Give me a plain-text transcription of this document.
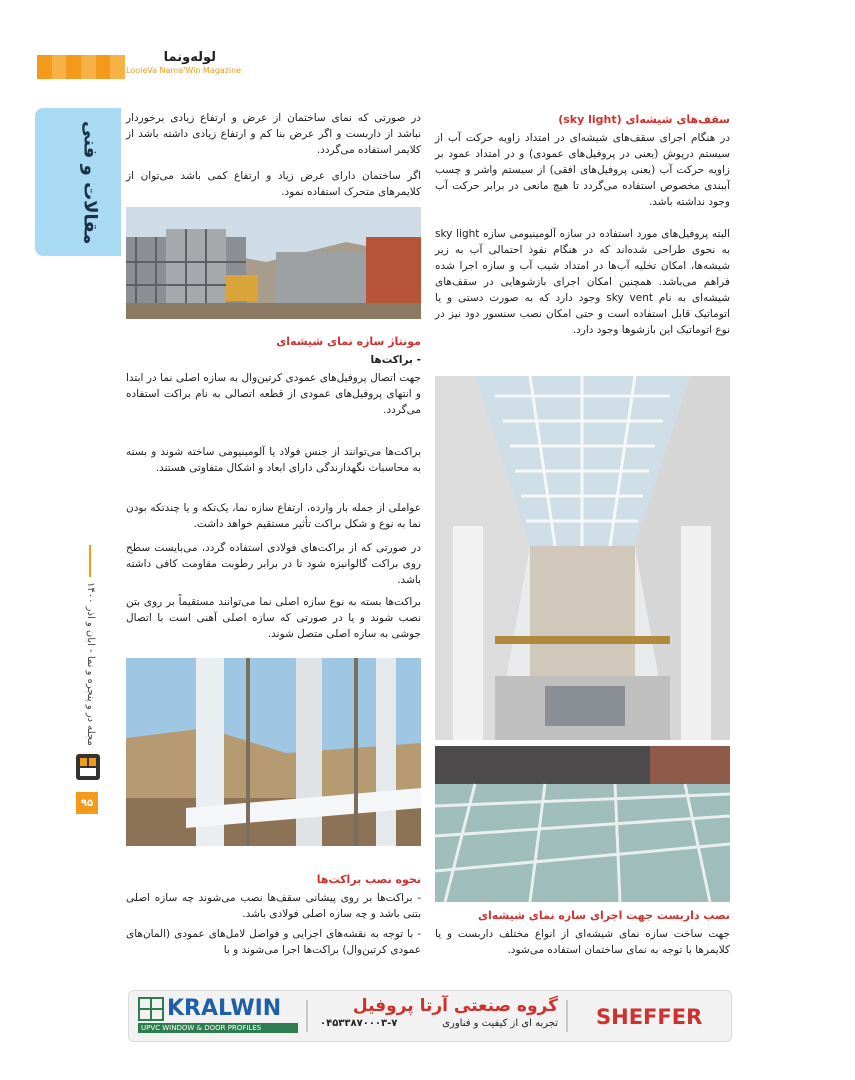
لوله‌ونما
LooleVa Nama'Win Magazine
مقالات و فنی
مجله در و پنجره و نما - آبان و آذر ۱۴۰۰
۹۵

سقف‌های شیشه‌ای (sky light)

در هنگام اجرای سقف‌های شیشه‌ای در امتداد زاویه حرکت آب از سیستم درپوش (یعنی در پروفیل‌های عمودی) و در امتداد عمود بر زاویه حرکت آب (یعنی پروفیل‌های افقی) از سیستم واشر و چسب آببندی مخصوص استفاده می‌گردد تا هیچ مانعی در برابر حرکت آب وجود نداشته باشد.

البته پروفیل‌های مورد استفاده در سازه آلومینیومی سازه sky light به نحوی طراحی شده‌اند که در هنگام نفوذ احتمالی آب به زیر شیشه‌ها، امکان تخلیه آب‌ها در امتداد شیب آب و سازه اجرا شده فراهم می‌باشد. همچنین امکان اجرای بازشوهایی در سقف‌های شیشه‌ای به نام sky vent وجود دارد که به صورت دستی و یا اتوماتیک قابل استفاده است و حتی امکان نصب سنسور دود نیز در نوع اتوماتیک این بازشوها وجود دارد.

نصب داربست جهت اجرای سازه نمای شیشه‌ای

جهت ساخت سازه نمای شیشه‌ای از انواع مختلف داربست و یا کلایمرها با توجه به نمای ساختمان استفاده می‌شود.

در صورتی که نمای ساختمان از عرض و ارتفاع زیادی برخوردار نباشد از داربست و اگر عرض بنا کم و ارتفاع زیادی داشته باشد از کلایمر استفاده می‌گردد.

اگر ساختمان دارای عرض زیاد و ارتفاع کمی باشد می‌توان از کلایمرهای متحرک استفاده نمود.

مونتاژ سازه نمای شیشه‌ای

- براکت‌ها

جهت اتصال پروفیل‌های عمودی کرتین‌وال به سازه اصلی نما در ابتدا و انتهای پروفیل‌های عمودی از قطعه اتصالی به نام براکت استفاده می‌گردد.

براکت‌ها می‌توانند از جنس فولاد یا آلومینیومی ساخته شوند و بسته به محاسبات نگهدارندگی دارای ابعاد و اشکال متفاوتی هستند.

عواملی از جمله بار وارده، ارتفاع سازه نما، یک‌تکه و یا چندتکه بودن نما به نوع و شکل براکت تأثیر مستقیم خواهد داشت.

در صورتی که از براکت‌های فولادی استفاده گردد، می‌بایست سطح روی براکت گالوانیزه شود تا در برابر رطوبت مقاومت کافی داشته باشد.

براکت‌ها بسته به نوع سازه اصلی نما می‌توانند مستقیماً بر روی بتن نصب شوند و یا در صورتی که سازه اصلی آهنی است با اتصال جوشی به سازه اصلی متصل شوند.

نحوه نصب براکت‌ها

- براکت‌ها بر روی پیشانی سقف‌ها نصب می‌شوند چه سازه اصلی بتنی باشد و چه سازه اصلی فولادی باشد.

- با توجه به نقشه‌های اجرایی و فواصل لامل‌های عمودی (المان‌های عمودی کرتین‌وال) براکت‌ها اجرا می‌شوند و با

KRALWIN
UPVC WINDOW & DOOR PROFILES
گروه صنعتی آرتا پروفیل
تجربه ای از کیفیت و فناوری
۰۴۵۳۳۸۷۰۰۰۳-۷	SHEFFER
